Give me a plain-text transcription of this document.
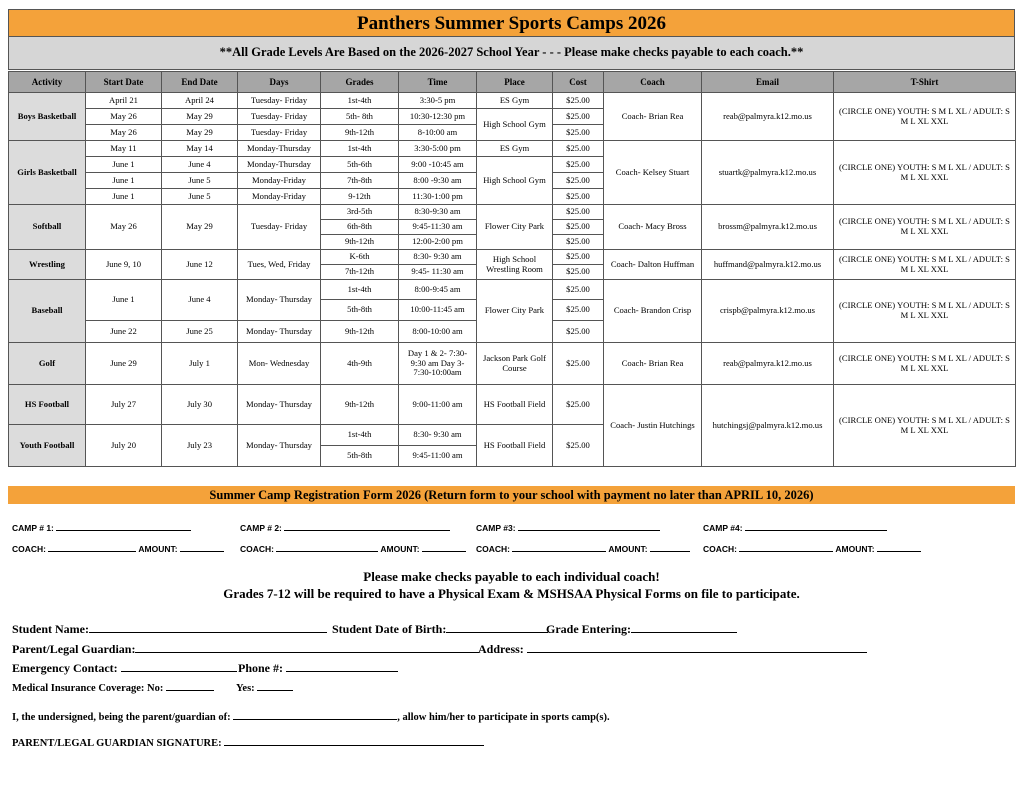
Panthers Summer Sports Camps 2026
**All Grade Levels Are Based on the 2026-2027 School Year - - - Please make checks payable to each coach.**
Activity	Start Date	End Date	Days	Grades	Time	Place	Cost	Coach	Email	T-Shirt
Boys Basketball	April 21	April 24	Tuesday- Friday	1st-4th	3:30-5 pm	ES Gym	$25.00	Coach- Brian Rea	reab@palmyra.k12.mo.us	(CIRCLE ONE) YOUTH: S M L XL / ADULT: S M L XL XXL
	May 26	May 29	Tuesday- Friday	5th- 8th	10:30-12:30 pm	High School Gym	$25.00			
	May 26	May 29	Tuesday- Friday	9th-12th	8-10:00 am		$25.00			
Girls Basketball	May 11	May 14	Monday-Thursday	1st-4th	3:30-5:00 pm	ES Gym	$25.00	Coach- Kelsey Stuart	stuartk@palmyra.k12.mo.us	(CIRCLE ONE) YOUTH: S M L XL / ADULT: S M L XL XXL
	June 1	June 4	Monday-Thursday	5th-6th	9:00 -10:45 am	High School Gym	$25.00			
	June 1	June 5	Monday-Friday	7th-8th	8:00 -9:30 am		$25.00			
	June 1	June 5	Monday-Friday	9-12th	11:30-1:00 pm		$25.00			
Softball	May 26	May 29	Tuesday- Friday	3rd-5th	8:30-9:30 am	Flower City Park	$25.00	Coach- Macy Bross	brossm@palmyra.k12.mo.us	(CIRCLE ONE) YOUTH: S M L XL / ADULT: S M L XL XXL
				6th-8th	9:45-11:30 am		$25.00			
				9th-12th	12:00-2:00 pm		$25.00			
Wrestling	June 9, 10	June 12	Tues, Wed, Friday	K-6th	8:30- 9:30 am	High School Wrestling Room	$25.00	Coach- Dalton Huffman	huffmand@palmyra.k12.mo.us	(CIRCLE ONE) YOUTH: S M L XL / ADULT: S M L XL XXL
				7th-12th	9:45- 11:30 am		$25.00			
Baseball	June 1	June 4	Monday- Thursday	1st-4th	8:00-9:45 am	Flower City Park	$25.00	Coach- Brandon Crisp	crispb@palmyra.k12.mo.us	(CIRCLE ONE) YOUTH: S M L XL / ADULT: S M L XL XXL
				5th-8th	10:00-11:45 am		$25.00			
	June 22	June 25	Monday- Thursday	9th-12th	8:00-10:00 am		$25.00			
Golf	June 29	July 1	Mon- Wednesday	4th-9th	Day 1 & 2- 7:30-9:30 am Day 3- 7:30-10:00am	Jackson Park Golf Course	$25.00	Coach- Brian Rea	reab@palmyra.k12.mo.us	(CIRCLE ONE) YOUTH: S M L XL / ADULT: S M L XL XXL
HS Football	July 27	July 30	Monday- Thursday	9th-12th	9:00-11:00 am	HS Football Field	$25.00	Coach- Justin Hutchings	hutchingsj@palmyra.k12.mo.us	(CIRCLE ONE) YOUTH: S M L XL / ADULT: S M L XL XXL
Youth Football	July 20	July 23	Monday- Thursday	1st-4th	8:30- 9:30 am	HS Football Field	$25.00			
				5th-8th	9:45-11:00 am					
Summer Camp Registration Form 2026 (Return form to your school with payment no later than APRIL 10, 2026)
CAMP # 1:	CAMP # 2:	CAMP #3:	CAMP #4:
COACH:	AMOUNT:	COACH:	AMOUNT:	COACH:	AMOUNT:	COACH:	AMOUNT:
Please make checks payable to each individual coach!
Grades 7-12 will be required to have a Physical Exam & MSHSAA Physical Forms on file to participate.
Student Name:	Student Date of Birth:	Grade Entering:
Parent/Legal Guardian:	Address:
Emergency Contact:	Phone #:
Medical Insurance Coverage: No:	Yes:
I, the undersigned, being the parent/guardian of:	, allow him/her to participate in sports camp(s).
PARENT/LEGAL GUARDIAN SIGNATURE:
